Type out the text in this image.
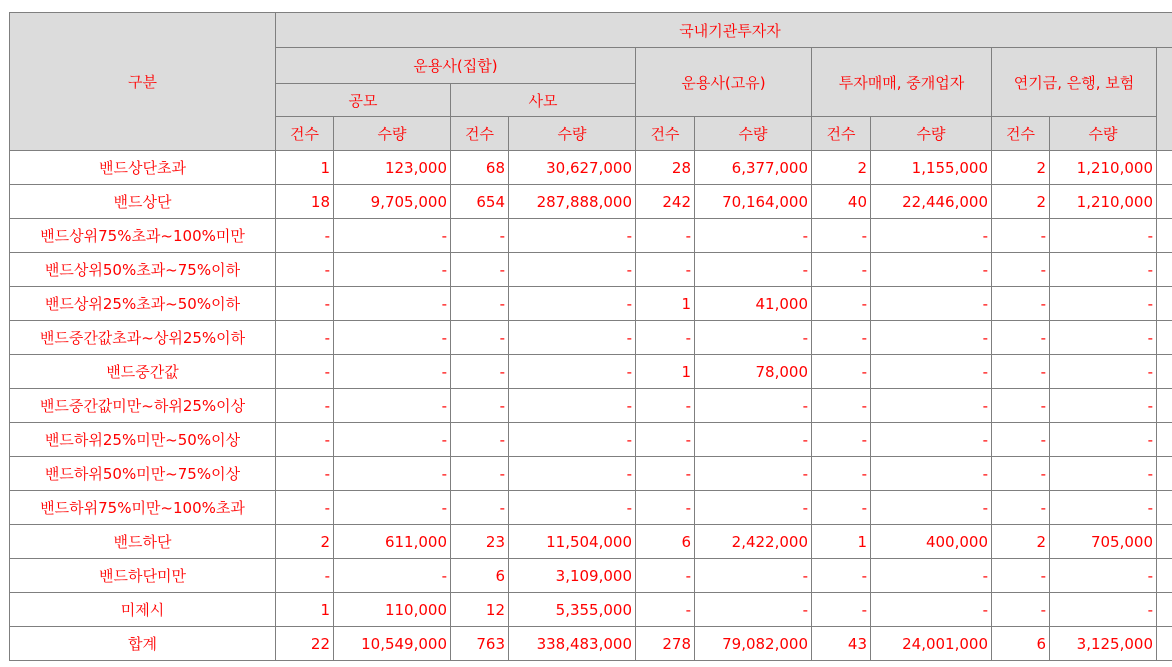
구분	국내기관투자자										
	운용사(집합)				운용사(고유)		투자매매, 중개업자		연기금, 은행, 보험		
	공모		사모								
	건수	수량	건수	수량	건수	수량	건수	수량	건수	수량	
밴드상단초과	1	123,000	68	30,627,000	28	6,377,000	2	1,155,000	2	1,210,000	
밴드상단	18	9,705,000	654	287,888,000	242	70,164,000	40	22,446,000	2	1,210,000	
밴드상위75%초과~100%미만	-	-	-	-	-	-	-	-	-	-	
밴드상위50%초과~75%이하	-	-	-	-	-	-	-	-	-	-	
밴드상위25%초과~50%이하	-	-	-	-	1	41,000	-	-	-	-	
밴드중간값초과~상위25%이하	-	-	-	-	-	-	-	-	-	-	
밴드중간값	-	-	-	-	1	78,000	-	-	-	-	
밴드중간값미만~하위25%이상	-	-	-	-	-	-	-	-	-	-	
밴드하위25%미만~50%이상	-	-	-	-	-	-	-	-	-	-	
밴드하위50%미만~75%이상	-	-	-	-	-	-	-	-	-	-	
밴드하위75%미만~100%초과	-	-	-	-	-	-	-	-	-	-	
밴드하단	2	611,000	23	11,504,000	6	2,422,000	1	400,000	2	705,000	
밴드하단미만	-	-	6	3,109,000	-	-	-	-	-	-	
미제시	1	110,000	12	5,355,000	-	-	-	-	-	-	
합계	22	10,549,000	763	338,483,000	278	79,082,000	43	24,001,000	6	3,125,000	
